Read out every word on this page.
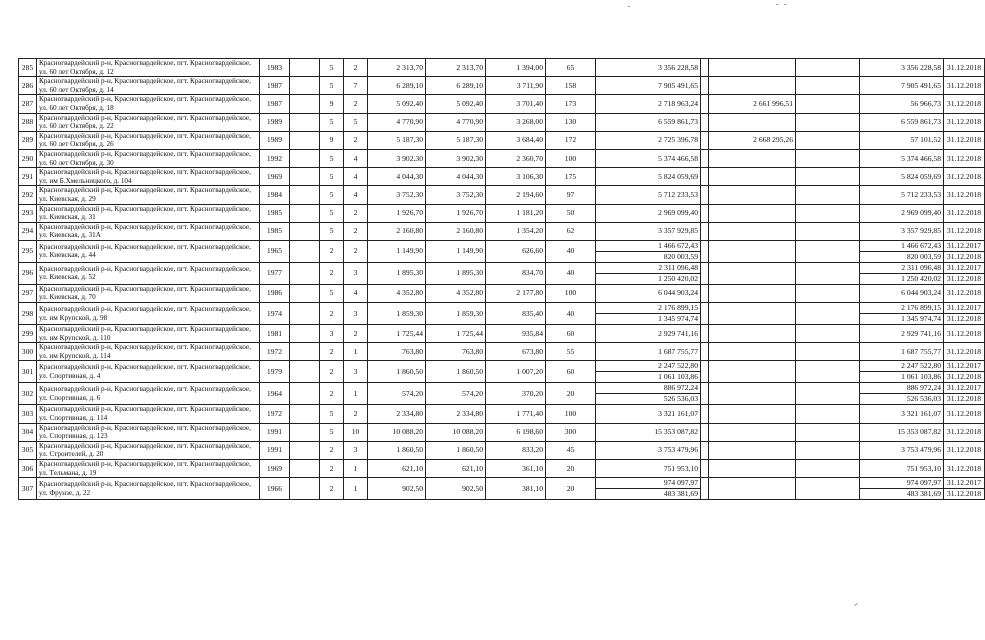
285	Красногвардейский р-н, Красногвардейское, пгт. Красногвардейское, ул. 60 лет Октября, д. 12	1983		5	2	2 313,70	2 313,70	1 394,00	65	3 356 228,58				3 356 228,58	31.12.2018
286	Красногвардейский р-н, Красногвардейское, пгт. Красногвардейское, ул. 60 лет Октября, д. 14	1987		5	7	6 289,10	6 289,10	3 711,90	158	7 905 491,65				7 905 491,65	31.12.2018
287	Красногвардейский р-н, Красногвардейское, пгт. Красногвардейское, ул. 60 лет Октября, д. 18	1987		9	2	5 092,40	5 092,40	3 701,40	173	2 718 963,24		2 661 996,51		56 966,73	31.12.2018
288	Красногвардейский р-н, Красногвардейское, пгт. Красногвардейское, ул. 60 лет Октября, д. 22	1989		5	5	4 770,90	4 770,90	3 268,00	130	6 559 861,73				6 559 861,73	31.12.2018
289	Красногвардейский р-н, Красногвардейское, пгт. Красногвардейское, ул. 60 лет Октября, д. 26	1989		9	2	5 187,30	5 187,30	3 684,40	172	2 725 396,78		2 668 295,26		57 101,52	31.12.2018
290	Красногвардейский р-н, Красногвардейское, пгт. Красногвардейское, ул. 60 лет Октября, д. 30	1992		5	4	3 902,30	3 902,30	2 360,70	100	5 374 466,58				5 374 466,58	31.12.2018
291	Красногвардейский р-н, Красногвардейское, пгт. Красногвардейское, ул. им Б.Хмельницкого, д. 104	1969		5	4	4 044,30	4 044,30	3 106,30	175	5 824 059,69				5 824 059,69	31.12.2018
292	Красногвардейский р-н, Красногвардейское, пгт. Красногвардейское, ул. Киевская, д. 29	1984		5	4	3 752,30	3 752,30	2 194,60	97	5 712 233,53				5 712 233,53	31.12.2018
293	Красногвардейский р-н, Красногвардейское, пгт. Красногвардейское, ул. Киевская, д. 31	1985		5	2	1 926,70	1 926,70	1 181,20	50	2 969 099,40				2 969 099,40	31.12.2018
294	Красногвардейский р-н, Красногвардейское, пгт. Красногвардейское, ул. Киевская, д. 31А	1985		5	2	2 160,80	2 160,80	1 354,20	62	3 357 929,85				3 357 929,85	31.12.2018
295	Красногвардейский р-н, Красногвардейское, пгт. Красногвардейское, ул. Киевская, д. 44	1965		2	2	1 149,90	1 149,90	626,60	40	1 466 672,43				1 466 672,43	31.12.2017
										820 003,59				820 003,59	31.12.2018
296	Красногвардейский р-н, Красногвардейское, пгт. Красногвардейское, ул. Киевская, д. 52	1977		2	3	1 895,30	1 895,30	834,70	40	2 311 096,48				2 311 096,48	31.12.2017
										1 250 420,02				1 250 420,02	31.12.2018
297	Красногвардейский р-н, Красногвардейское, пгт. Красногвардейское, ул. Киевская, д. 70	1986		5	4	4 352,80	4 352,80	2 177,80	100	6 044 903,24				6 044 903,24	31.12.2018
298	Красногвардейский р-н, Красногвардейское, пгт. Красногвардейское, ул. им Крупской, д. 98	1974		2	3	1 859,30	1 859,30	835,40	40	2 176 899,15				2 176 899,15	31.12.2017
										1 345 974,74				1 345 974,74	31.12.2018
299	Красногвардейский р-н, Красногвардейское, пгт. Красногвардейское, ул. им Крупской, д. 110	1981		3	2	1 725,44	1 725,44	935,84	60	2 929 741,16				2 929 741,16	31.12.2018
300	Красногвардейский р-н, Красногвардейское, пгт. Красногвардейское, ул. им Крупской, д. 114	1972		2	1	763,80	763,80	673,80	55	1 687 755,77				1 687 755,77	31.12.2018
301	Красногвардейский р-н, Красногвардейское, пгт. Красногвардейское, ул. Спортивная, д. 4	1979		2	3	1 860,50	1 860,50	1 007,20	60	2 247 522,80				2 247 522,80	31.12.2017
										1 061 103,86				1 061 103,86	31.12.2018
302	Красногвардейский р-н, Красногвардейское, пгт. Красногвардейское, ул. Спортивная, д. 6	1964		2	1	574,20	574,20	370,20	20	886 972,24				886 972,24	31.12.2017
										526 536,03				526 536,03	31.12.2018
303	Красногвардейский р-н, Красногвардейское, пгт. Красногвардейское, ул. Спортивная, д. 114	1972		5	2	2 334,80	2 334,80	1 771,40	100	3 321 161,07				3 321 161,07	31.12.2018
304	Красногвардейский р-н, Красногвардейское, пгт. Красногвардейское, ул. Спортивная, д. 123	1991		5	10	10 088,20	10 088,20	6 198,60	300	15 353 087,82				15 353 087,82	31.12.2018
305	Красногвардейский р-н, Красногвардейское, пгт. Красногвардейское, ул. Строителей, д. 20	1991		2	3	1 860,50	1 860,50	833,20	45	3 753 479,96				3 753 479,96	31.12.2018
306	Красногвардейский р-н, Красногвардейское, пгт. Красногвардейское, ул. Тельмана, д. 19	1969		2	1	621,10	621,10	361,10	20	751 953,10				751 953,10	31.12.2018
307	Красногвардейский р-н, Красногвардейское, пгт. Красногвардейское, ул. Фрунзе, д. 22	1966		2	1	902,50	902,50	381,10	20	974 097,97				974 097,97	31.12.2017
										483 381,69				483 381,69	31.12.2018
